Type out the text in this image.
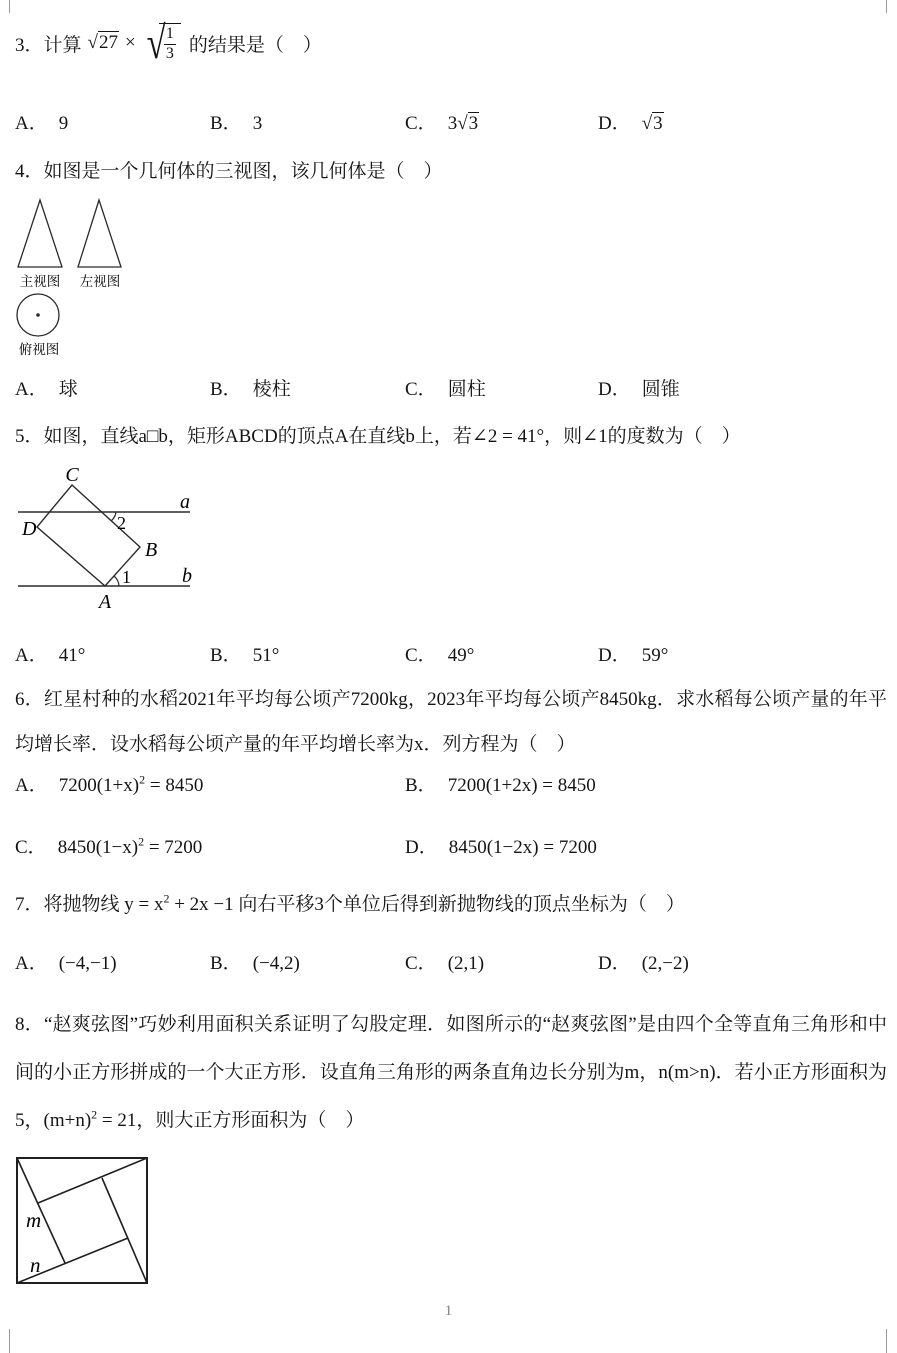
3．计算 √27 × √
$\frac{1}{3}$ 的结果是（　）
A． 9	B． 3	C． 3√3	D． √3
4．如图是一个几何体的三视图，该几何体是（　）
主视图 左视图
俯视图
A． 球	B． 棱柱	C． 圆柱	D． 圆锥
5．如图，直线a□b，矩形ABCD的顶点A在直线b上，若∠2 = 41°，则∠1的度数为（　）
a
b
C
D
B
A
2
1
A． 41°	B． 51°	C． 49°	D． 59°
6．红星村种的水稻2021年平均每公顷产7200kg，2023年平均每公顷产8450kg．求水稻每公顷产量的年平均增长率．设水稻每公顷产量的年平均增长率为x．列方程为（　）
A． $7200(1+x)^2 = 8450$	B． 7200(1+2x) = 8450
C． $8450(1-x)^2 = 7200$	D． 8450(1−2x) = 7200
7．将抛物线 $y = x^2 + 2x -1$ 向右平移3个单位后得到新抛物线的顶点坐标为（　）
A． (−4,−1)	B． (−4,2)	C． (2,1)	D． (2,−2)
8．“赵爽弦图”巧妙利用面积关系证明了勾股定理．如图所示的“赵爽弦图”是由四个全等直角三角形和中间的小正方形拼成的一个大正方形．设直角三角形的两条直角边长分别为m，n(m>n)．若小正方形面积为5，$(m+n)^2 = 21$，则大正方形面积为（　）
m
n
1
